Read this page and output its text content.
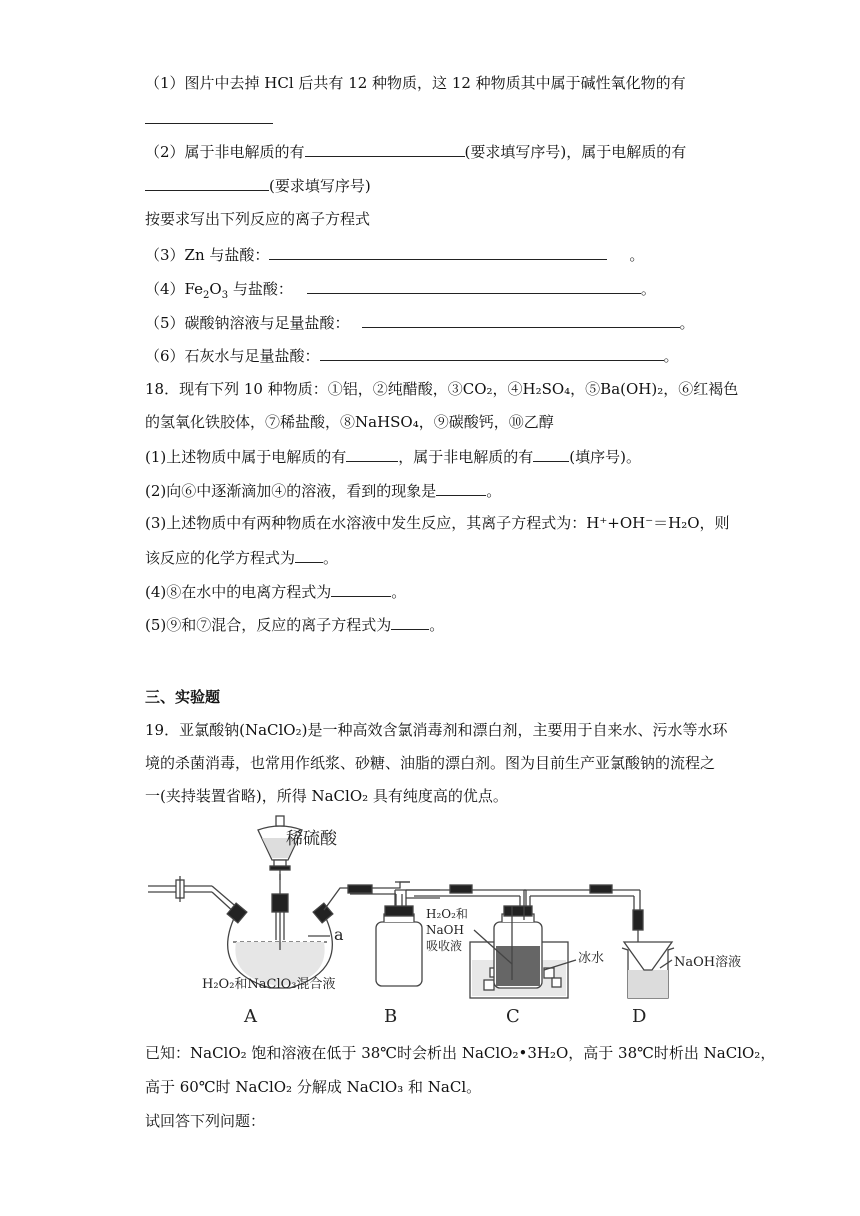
（1）图片中去掉 HCl 后共有 12 种物质，这 12 种物质其中属于碱性氧化物的有
（2）属于非电解质的有	(要求填写序号)，属于电解质的有
(要求填写序号)
按要求写出下列反应的离子方程式
（3）Zn 与盐酸：	。
$(4)Fe_2O_3$ 与盐酸：	。
（5）碳酸钠溶液与足量盐酸：	。
（6）石灰水与足量盐酸：	。
18．现有下列 10 种物质：①铝，②纯醋酸，③CO₂，④H₂SO₄，⑤Ba(OH)₂，⑥红褐色
的氢氧化铁胶体，⑦稀盐酸，⑧NaHSO₄，⑨碳酸钙，⑩乙醇
(1)上述物质中属于电解质的有	，属于非电解质的有 (填序号)。
(2)向⑥中逐渐滴加④的溶液，看到的现象是	。
(3)上述物质中有两种物质在水溶液中发生反应，其离子方程式为：H⁺+OH⁻＝H₂O，则
该反应的化学方程式为 。
(4)⑧在水中的电离方程式为	。
(5)⑨和⑦混合，反应的离子方程式为	。
三、实验题
19．亚氯酸钠(NaClO₂)是一种高效含氯消毒剂和漂白剂，主要用于自来水、污水等水环
境的杀菌消毒，也常用作纸浆、砂糖、油脂的漂白剂。图为目前生产亚氯酸钠的流程之
一(夹持装置省略)，所得 NaClO₂ 具有纯度高的优点。
稀硫酸
a
H₂O₂和NaClO₃混合液
H₂O₂和
NaOH
吸收液
冰水	NaOH溶液
A	B	C	D
已知：NaClO₂ 饱和溶液在低于 38℃时会析出 NaClO₂•3H₂O，高于 38℃时析出 NaClO₂，
高于 60℃时 NaClO₂ 分解成 NaClO₃ 和 NaCl。
试回答下列问题：
